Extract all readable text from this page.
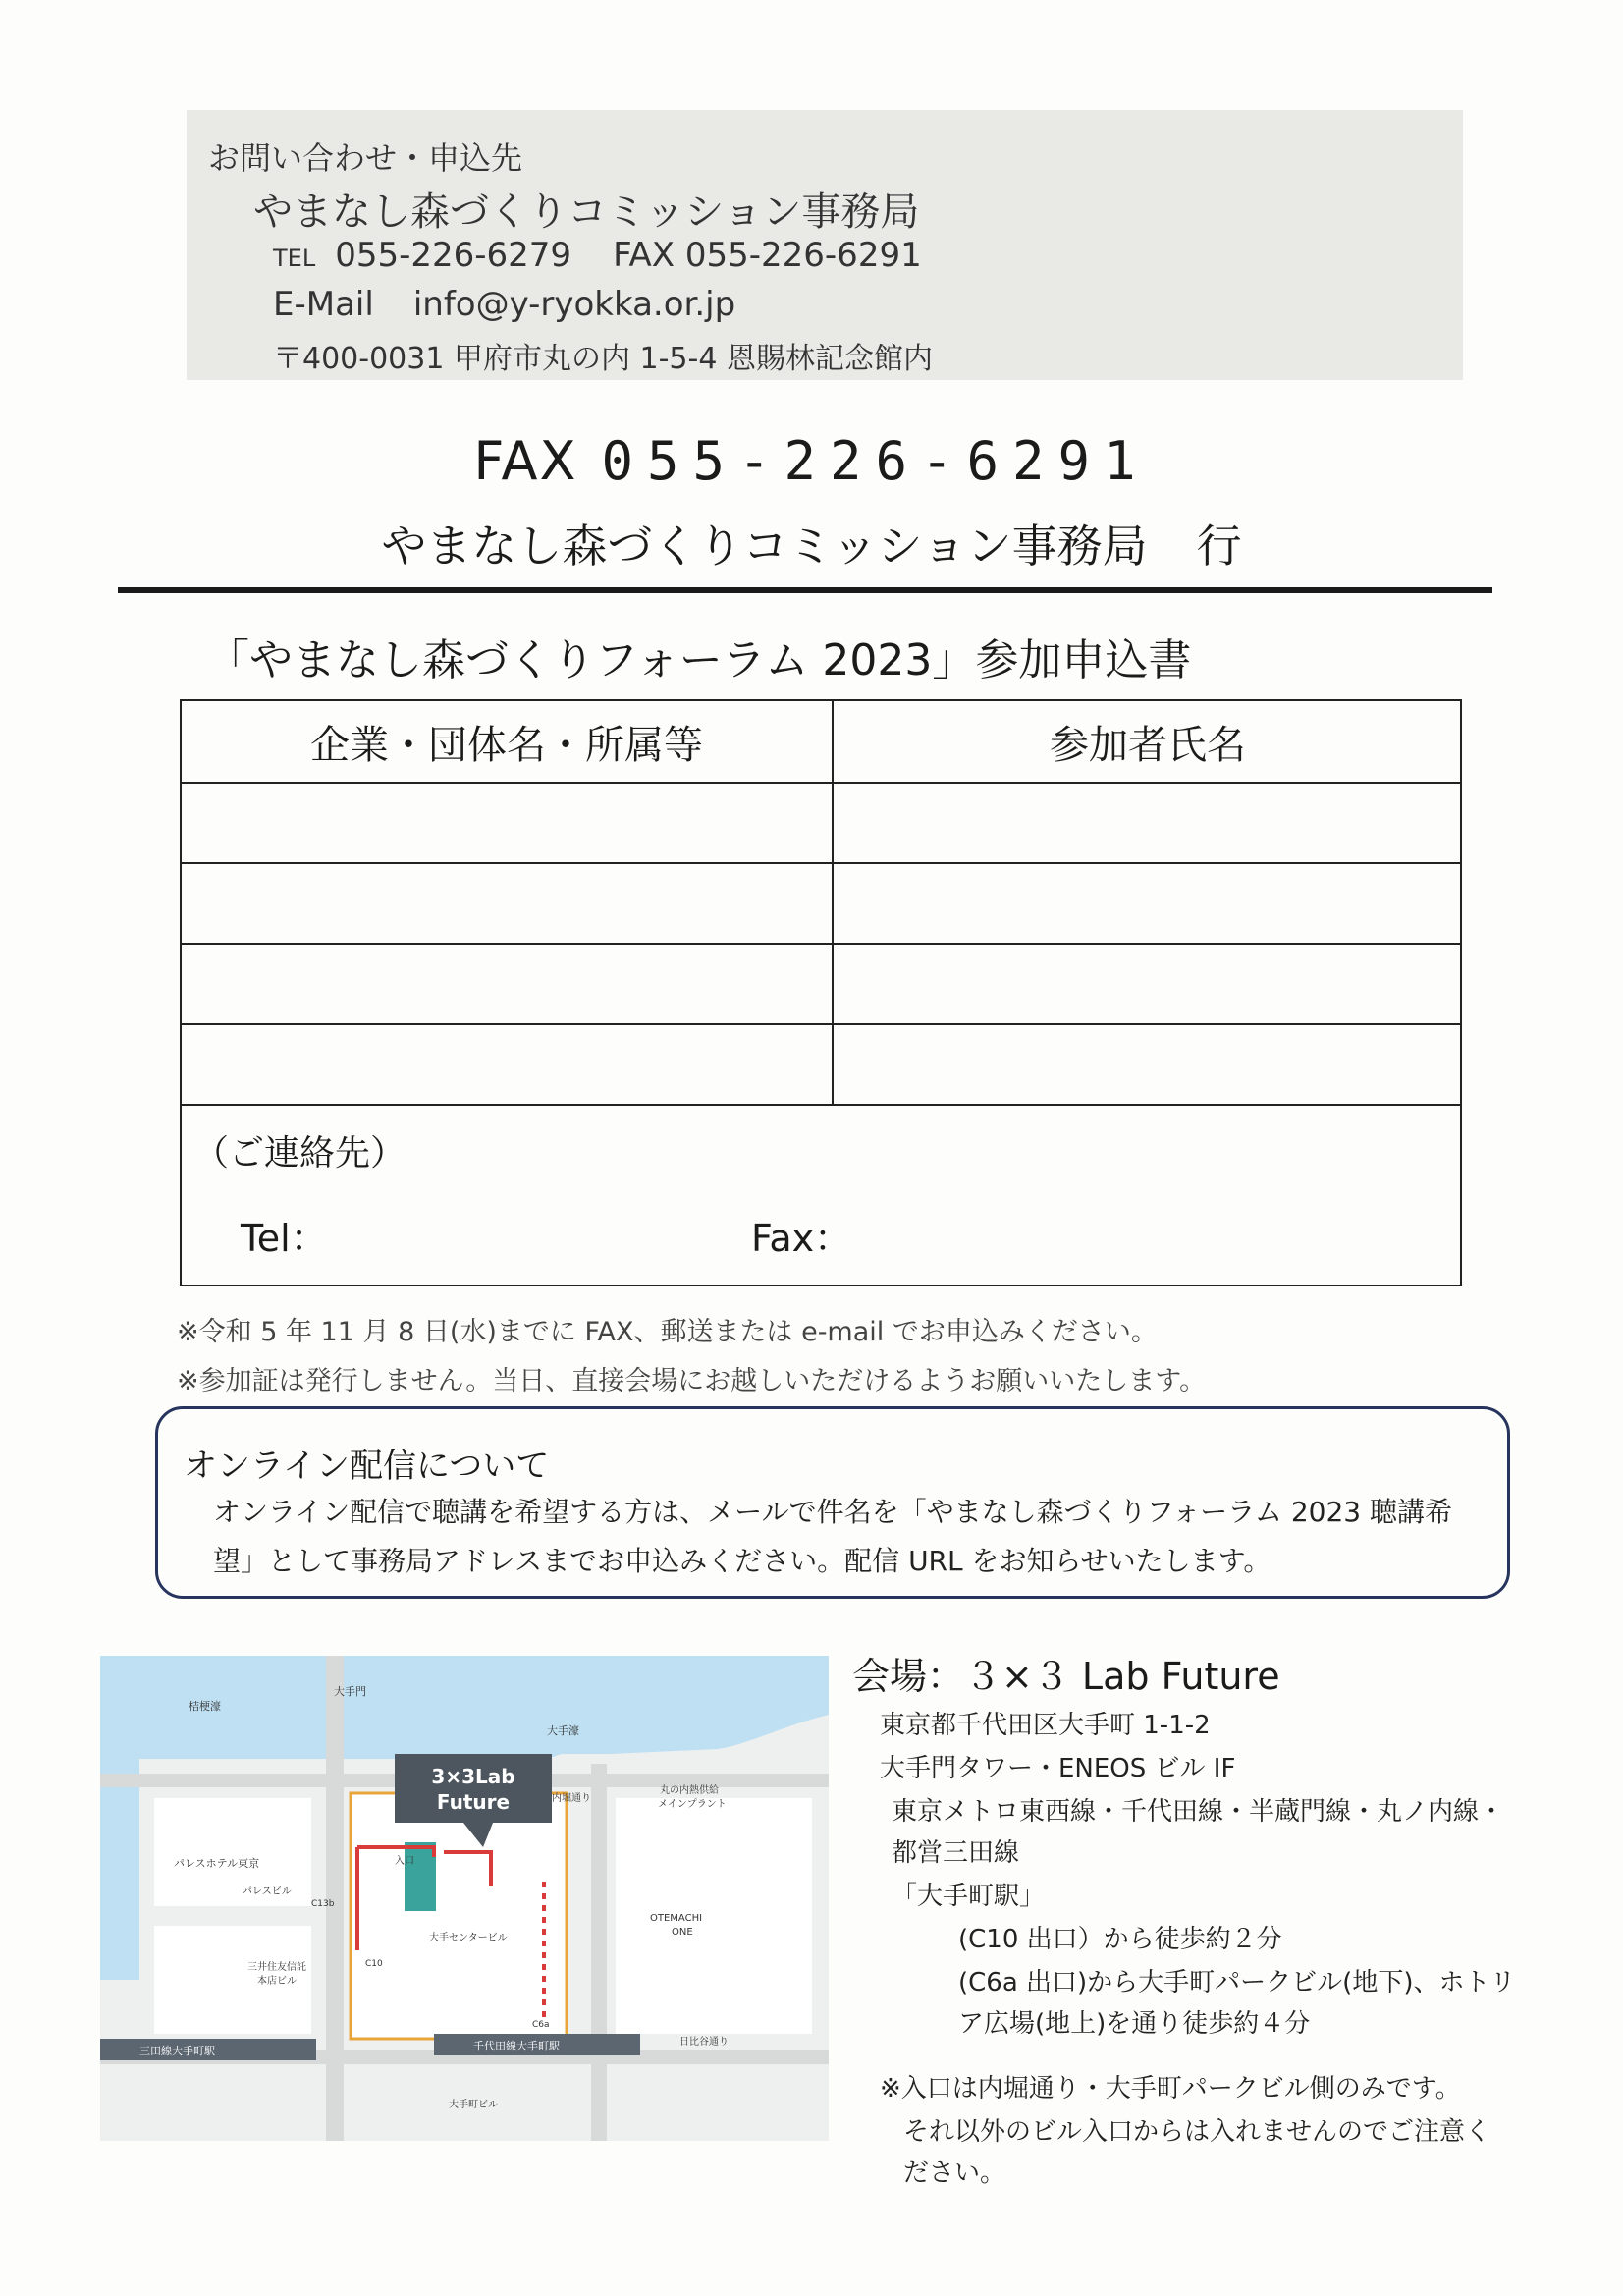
お問い合わせ・申込先
やまなし森づくりコミッション事務局
TEL 055-226-6279 FAX 055-226-6291
E-Mail info@y-ryokka.or.jp
〒400-0031 甲府市丸の内 1-5-4 恩賜林記念館内
FAX 055-226-6291
やまなし森づくりコミッション事務局 行
「やまなし森づくりフォーラム 2023」参加申込書
企業・団体名・所属等	参加者氏名
（ご連絡先）
Tel：	Fax：
※令和 5 年 11 月 8 日(水)までに FAX、郵送または e-mail でお申込みください。
※参加証は発行しません。当日、直接会場にお越しいただけるようお願いいたします。
オンライン配信について
オンライン配信で聴講を希望する方は、メールで件名を「やまなし森づくりフォーラム 2023 聴講希望」として事務局アドレスまでお申込みください。配信 URL をお知らせいたします。
3×3Lab
Future
大手門
桔梗濠
大手濠
内堀通り
丸の内熱供給
メインプラント
パレスホテル東京
パレスビル
入口
大手センタービル
OTEMACHI
ONE
三井住友信託
本店ビル
日比谷通り
三田線大手町駅	千代田線大手町駅
大手町ビル
C13b
C10
C6a
会場：３×３ Lab Future
東京都千代田区大手町 1-1-2
大手門タワー・ENEOS ビル IF
東京メトロ東西線・千代田線・半蔵門線・丸ノ内線・
都営三田線
「大手町駅」
(C10 出口）から徒歩約２分
(C6a 出口)から大手町パークビル(地下)、ホトリ
ア広場(地上)を通り徒歩約４分
※入口は内堀通り・大手町パークビル側のみです。
それ以外のビル入口からは入れませんのでご注意く
ださい。
